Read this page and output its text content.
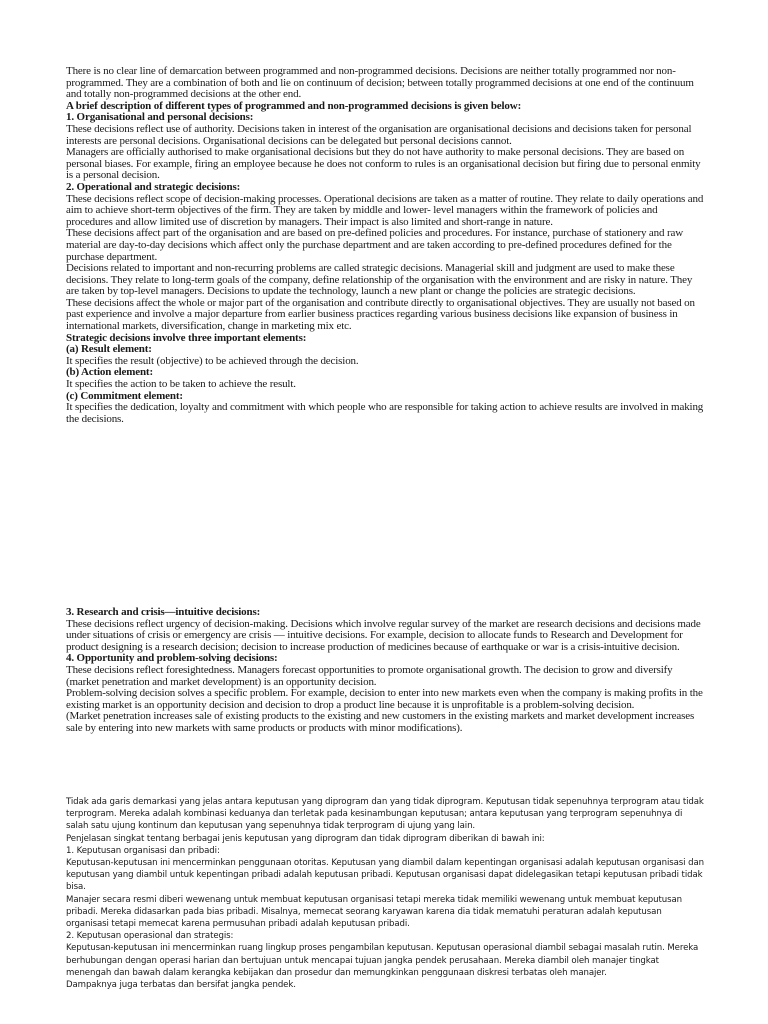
There is no clear line of demarcation between programmed and non-programmed decisions. Decisions are neither totally programmed nor non-programmed. They are a combination of both and lie on continuum of decision; between totally programmed decisions at one end of the continuum and totally non-programmed decisions at the other end.

A brief description of different types of programmed and non-programmed decisions is given below:

1. Organisational and personal decisions:

These decisions reflect use of authority. Decisions taken in interest of the organisation are organisational decisions and decisions taken for personal interests are personal decisions. Organisational decisions can be delegated but personal decisions cannot.

Managers are officially authorised to make organisational decisions but they do not have authority to make personal decisions. They are based on personal biases. For example, firing an employee because he does not conform to rules is an organisational decision but firing due to personal enmity is a personal decision.

2. Operational and strategic decisions:

These decisions reflect scope of decision-making processes. Operational decisions are taken as a matter of routine. They relate to daily operations and aim to achieve short-term objectives of the firm. They are taken by middle and lower- level managers within the framework of policies and procedures and allow limited use of discretion by managers. Their impact is also limited and short-range in nature.

These decisions affect part of the organisation and are based on pre-defined policies and procedures. For instance, purchase of stationery and raw material are day-to-day decisions which affect only the purchase department and are taken according to pre-defined procedures defined for the purchase department.

Decisions related to important and non-recurring problems are called strategic decisions. Managerial skill and judgment are used to make these decisions. They relate to long-term goals of the company, define relationship of the organisation with the environment and are risky in nature. They are taken by top-level managers. Decisions to update the technology, launch a new plant or change the policies are strategic decisions.

These decisions affect the whole or major part of the organisation and contribute directly to organisational objectives. They are usually not based on past experience and involve a major departure from earlier business practices regarding various business decisions like expansion of business in international markets, diversification, change in marketing mix etc.

Strategic decisions involve three important elements:

(a) Result element:

It specifies the result (objective) to be achieved through the decision.

(b) Action element:

It specifies the action to be taken to achieve the result.

(c) Commitment element:

It specifies the dedication, loyalty and commitment with which people who are responsible for taking action to achieve results are involved in making the decisions.

3. Research and crisis—intuitive decisions:

These decisions reflect urgency of decision-making. Decisions which involve regular survey of the market are research decisions and decisions made under situations of crisis or emergency are crisis — intuitive decisions. For example, decision to allocate funds to Research and Development for product designing is a research decision; decision to increase production of medicines because of earthquake or war is a crisis-intuitive decision.

4. Opportunity and problem-solving decisions:

These decisions reflect foresightedness. Managers forecast opportunities to promote organisational growth. The decision to grow and diversify (market penetration and market development) is an opportunity decision.

Problem-solving decision solves a specific problem. For example, decision to enter into new markets even when the company is making profits in the existing market is an opportunity decision and decision to drop a product line because it is unprofitable is a problem-solving decision.

(Market penetration increases sale of existing products to the existing and new customers in the existing markets and market development increases sale by entering into new markets with same products or products with minor modifications).

Tidak ada garis demarkasi yang jelas antara keputusan yang diprogram dan yang tidak diprogram. Keputusan tidak sepenuhnya terprogram atau tidak terprogram. Mereka adalah kombinasi keduanya dan terletak pada kesinambungan keputusan; antara keputusan yang terprogram sepenuhnya di salah satu ujung kontinum dan keputusan yang sepenuhnya tidak terprogram di ujung yang lain.

Penjelasan singkat tentang berbagai jenis keputusan yang diprogram dan tidak diprogram diberikan di bawah ini:

1. Keputusan organisasi dan pribadi:

Keputusan-keputusan ini mencerminkan penggunaan otoritas. Keputusan yang diambil dalam kepentingan organisasi adalah keputusan organisasi dan keputusan yang diambil untuk kepentingan pribadi adalah keputusan pribadi. Keputusan organisasi dapat didelegasikan tetapi keputusan pribadi tidak bisa.

Manajer secara resmi diberi wewenang untuk membuat keputusan organisasi tetapi mereka tidak memiliki wewenang untuk membuat keputusan pribadi. Mereka didasarkan pada bias pribadi. Misalnya, memecat seorang karyawan karena dia tidak mematuhi peraturan adalah keputusan organisasi tetapi memecat karena permusuhan pribadi adalah keputusan pribadi.

2. Keputusan operasional dan strategis:

Keputusan-keputusan ini mencerminkan ruang lingkup proses pengambilan keputusan. Keputusan operasional diambil sebagai masalah rutin. Mereka berhubungan dengan operasi harian dan bertujuan untuk mencapai tujuan jangka pendek perusahaan. Mereka diambil oleh manajer tingkat menengah dan bawah dalam kerangka kebijakan dan prosedur dan memungkinkan penggunaan diskresi terbatas oleh manajer.

Dampaknya juga terbatas dan bersifat jangka pendek.
